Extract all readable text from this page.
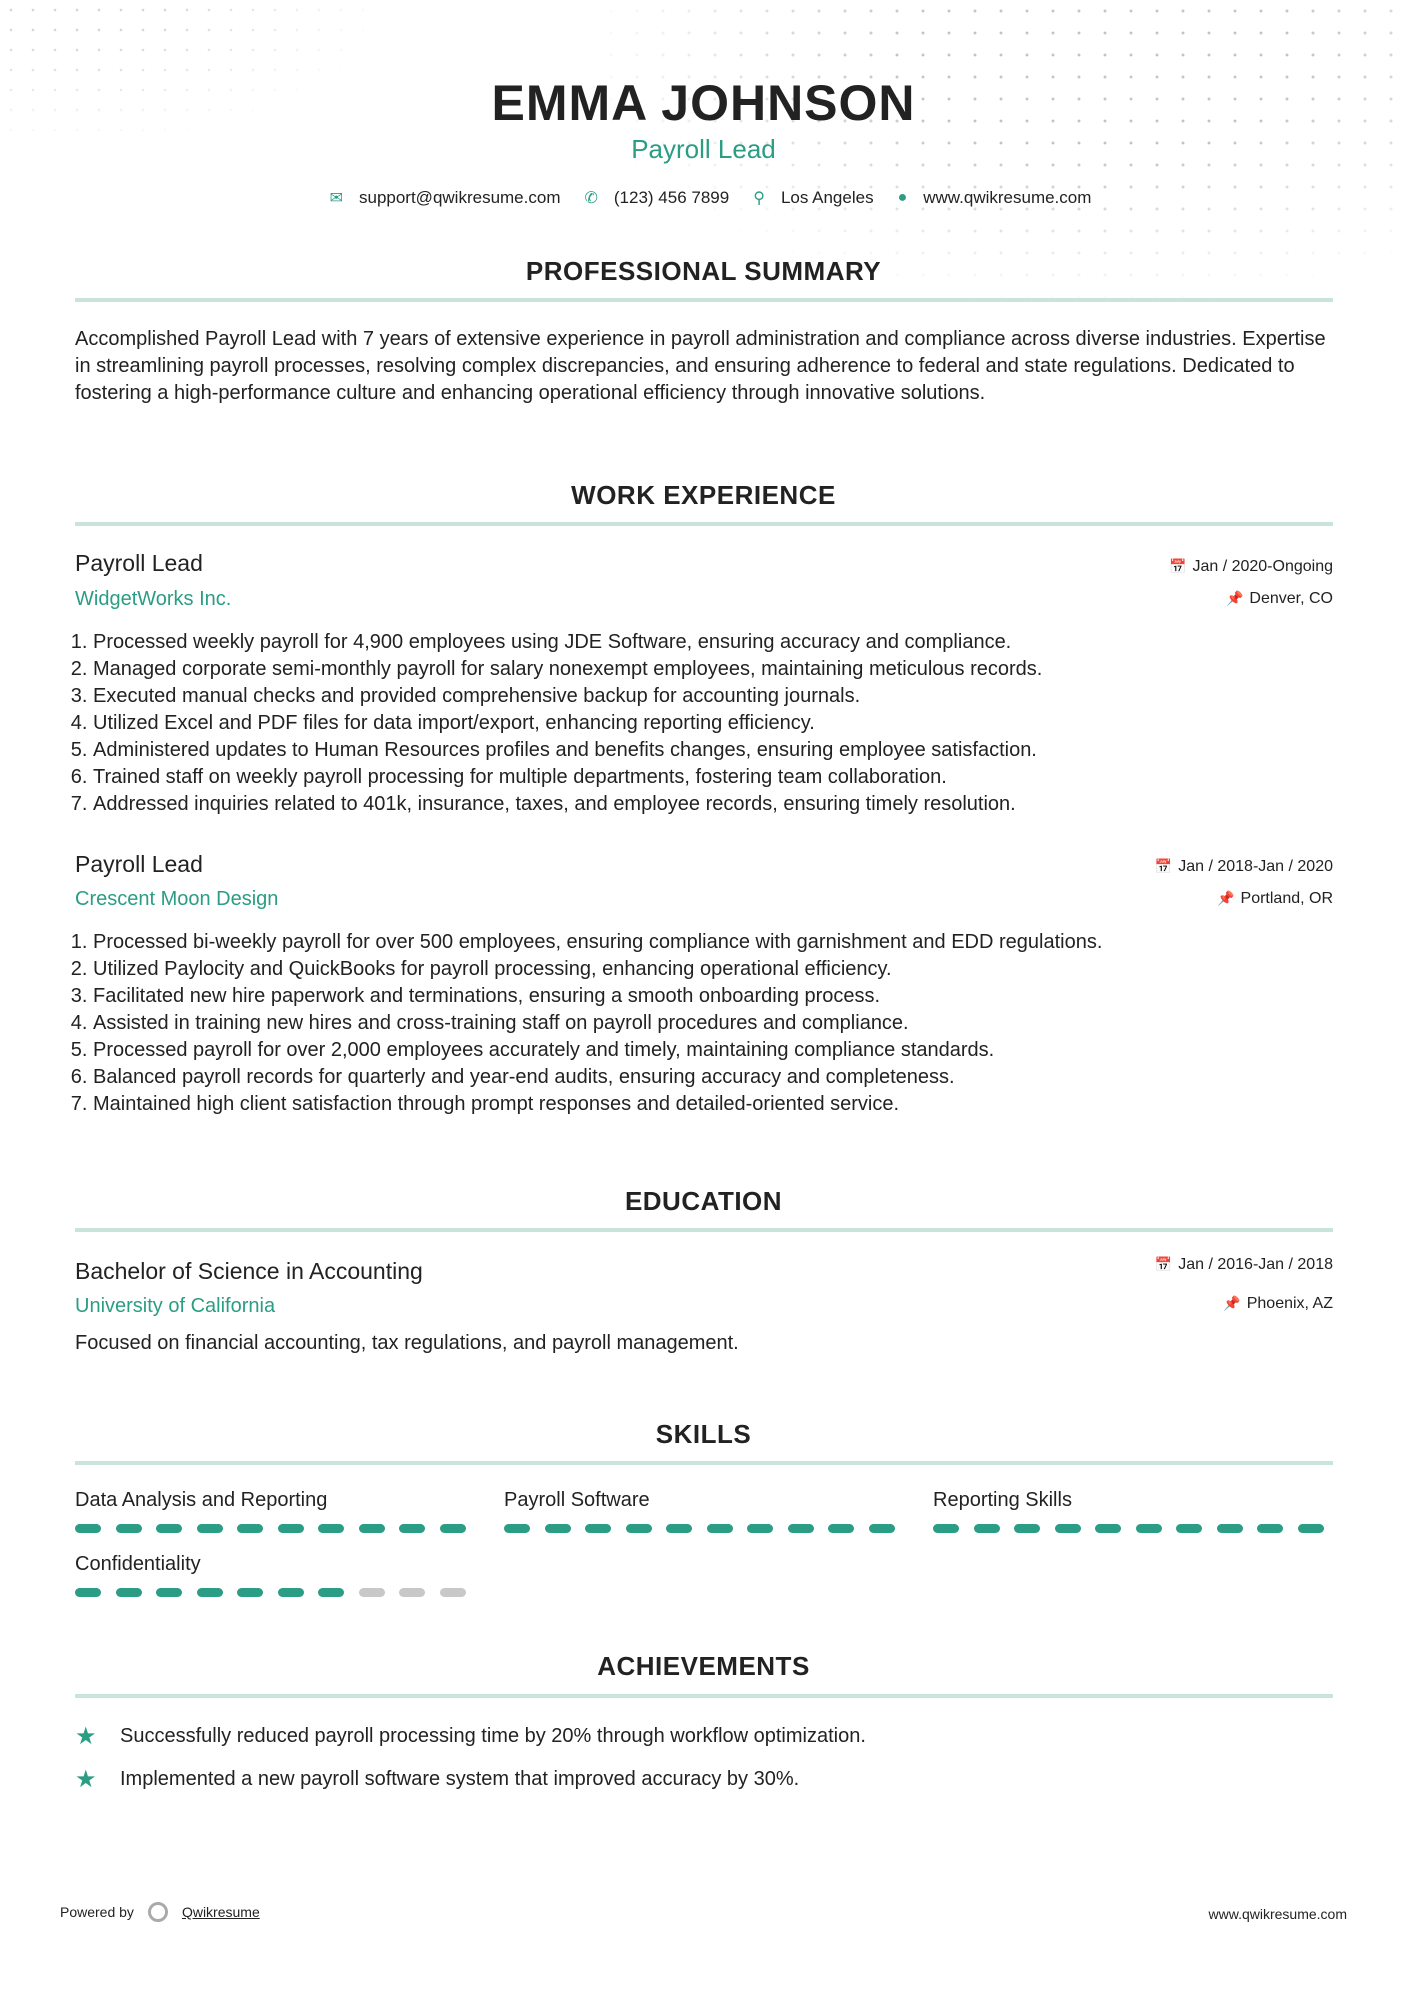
EMMA JOHNSON
Payroll Lead
✉ support@qwikresume.com ✆ (123) 456 7899 ⚲ Los Angeles ● www.qwikresume.com
PROFESSIONAL SUMMARY
Accomplished Payroll Lead with 7 years of extensive experience in payroll administration and compliance across diverse industries. Expertise in streamlining payroll processes, resolving complex discrepancies, and ensuring adherence to federal and state regulations. Dedicated to fostering a high-performance culture and enhancing operational efficiency through innovative solutions.
WORK EXPERIENCE
Payroll Lead
WidgetWorks Inc.
📅 Jan / 2020-Ongoing
📌 Denver, CO
1. Processed weekly payroll for 4,900 employees using JDE Software, ensuring accuracy and compliance.
2. Managed corporate semi-monthly payroll for salary nonexempt employees, maintaining meticulous records.
3. Executed manual checks and provided comprehensive backup for accounting journals.
4. Utilized Excel and PDF files for data import/export, enhancing reporting efficiency.
5. Administered updates to Human Resources profiles and benefits changes, ensuring employee satisfaction.
6. Trained staff on weekly payroll processing for multiple departments, fostering team collaboration.
7. Addressed inquiries related to 401k, insurance, taxes, and employee records, ensuring timely resolution.
Payroll Lead
Crescent Moon Design
📅 Jan / 2018-Jan / 2020
📌 Portland, OR
1. Processed bi-weekly payroll for over 500 employees, ensuring compliance with garnishment and EDD regulations.
2. Utilized Paylocity and QuickBooks for payroll processing, enhancing operational efficiency.
3. Facilitated new hire paperwork and terminations, ensuring a smooth onboarding process.
4. Assisted in training new hires and cross-training staff on payroll procedures and compliance.
5. Processed payroll for over 2,000 employees accurately and timely, maintaining compliance standards.
6. Balanced payroll records for quarterly and year-end audits, ensuring accuracy and completeness.
7. Maintained high client satisfaction through prompt responses and detailed-oriented service.
EDUCATION
Bachelor of Science in Accounting
University of California
📅 Jan / 2016-Jan / 2018
📌 Phoenix, AZ
Focused on financial accounting, tax regulations, and payroll management.
SKILLS
Data Analysis and Reporting	Payroll Software	Reporting Skills
Confidentiality
ACHIEVEMENTS
★	Successfully reduced payroll processing time by 20% through workflow optimization.
★	Implemented a new payroll software system that improved accuracy by 30%.
Powered by	Qwikresume	www.qwikresume.com
